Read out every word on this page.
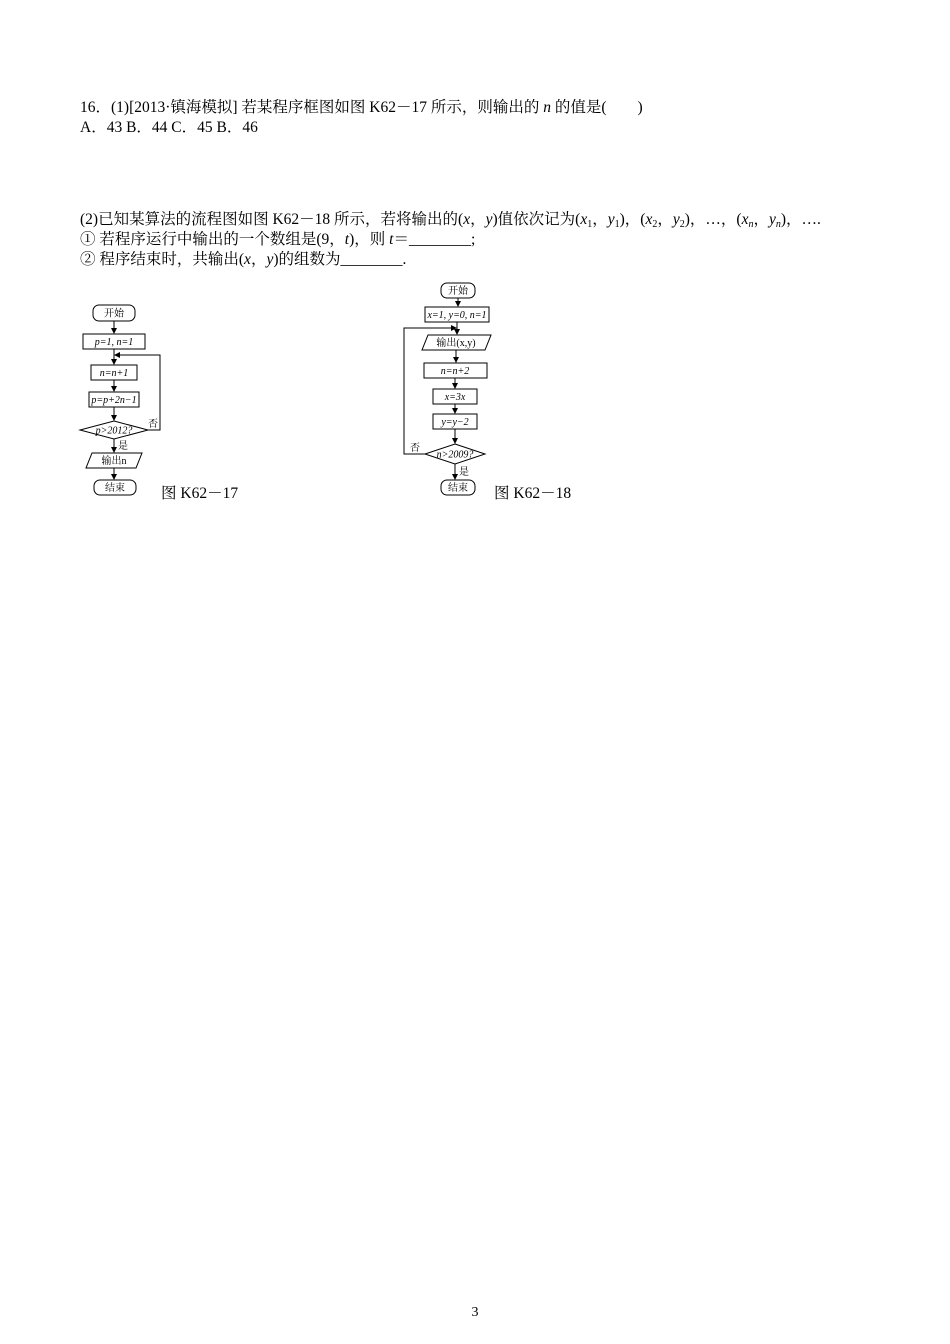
16．(1)[2013·镇海模拟] 若某程序框图如图 K62－17 所示，则输出的 n 的值是(　　)
A．43 B．44 C．45 B．46
(2)已知某算法的流程图如图 K62－18 所示，若将输出的(x，y)值依次记为($x_1$，$y_1$)，($x_2$，$y_2$)，…，($x_n$，$y_n$)，….
① 若程序运行中输出的一个数组是(9，t)，则 t＝________;
② 程序结束时，共输出(x，y)的组数为________.
开始
p=1, n=1
n=n+1
p=p+2n−1
p>2012?
否
是
输出n
结束
开始
x=1, y=0, n=1
输出(x,y)
n=n+2
x=3x
y=y−2
n>2009?
否
是
结束
图 K62－17	图 K62－18
3
